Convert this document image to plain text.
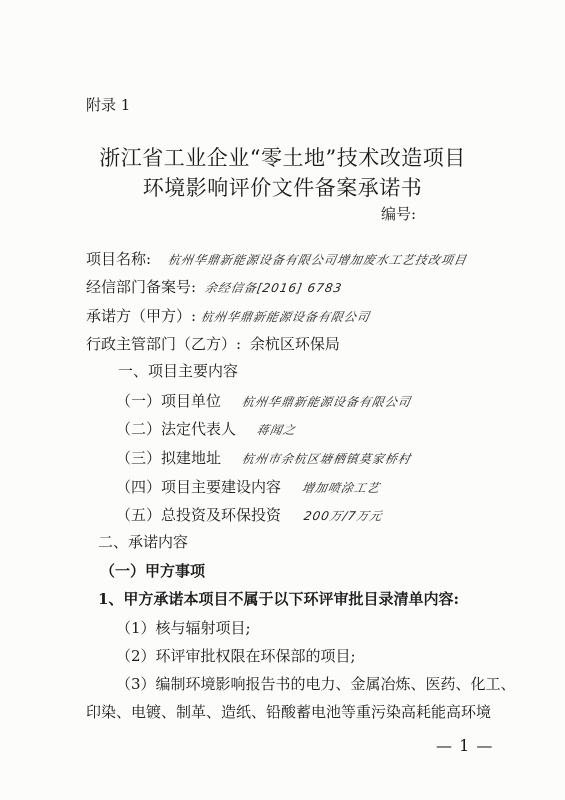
附录 1
浙江省工业企业“零土地”技术改造项目
环境影响评价文件备案承诺书
编号:
项目名称: 杭州华鼎新能源设备有限公司增加废水工艺技改项目
经信部门备案号: 余经信备[2016] 6783
承诺方（甲方）: 杭州华鼎新能源设备有限公司
行政主管部门（乙方）: 余杭区环保局
一、项目主要内容
（一）项目单位 杭州华鼎新能源设备有限公司
（二）法定代表人 蒋闻之
（三）拟建地址 杭州市余杭区塘栖镇莫家桥村
（四）项目主要建设内容 增加喷涂工艺
（五）总投资及环保投资 200万/7万元
二、承诺内容
（一）甲方事项
1、甲方承诺本项目不属于以下环评审批目录清单内容:
（1）核与辐射项目;
（2）环评审批权限在环保部的项目;
（3）编制环境影响报告书的电力、金属冶炼、医药、化工、
印染、电镀、制革、造纸、铅酸蓄电池等重污染高耗能高环境
— 1 —
